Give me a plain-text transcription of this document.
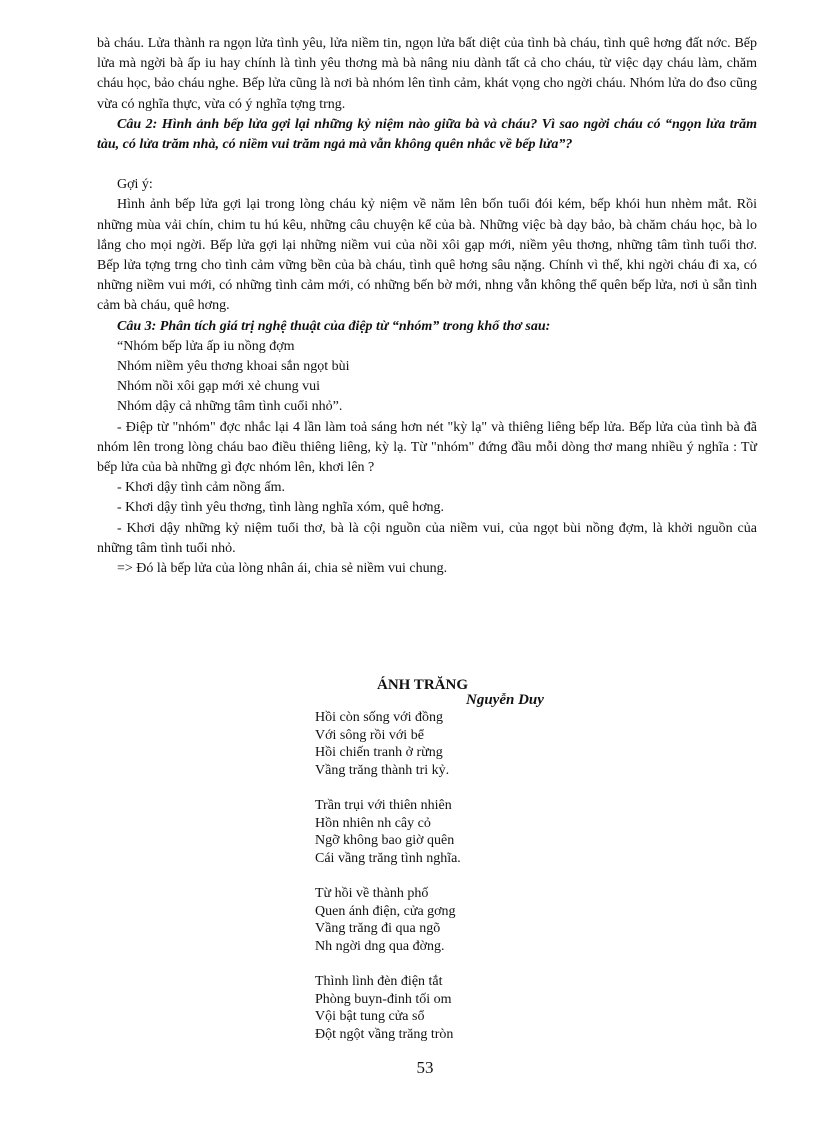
bà cháu. Lửa thành ra ngọn lửa tình yêu, lửa niềm tin, ngọn lửa bất diệt của tình bà cháu, tình quê hơng đất nớc. Bếp lửa mà ngời bà ấp iu hay chính là tình yêu thơng mà bà nâng niu dành tất cả cho cháu, từ việc dạy cháu làm, chăm cháu học, bảo cháu nghe. Bếp lửa cũng là nơi bà nhóm lên tình cảm, khát vọng cho ngời cháu. Nhóm lửa do đso cũng vừa có nghĩa thực, vừa có ý nghĩa tợng trng.

Câu 2: Hình ảnh bếp lửa gợi lại những kỷ niệm nào giữa bà và cháu? Vì sao ngời cháu có “ngọn lửa trăm tàu, có lửa trăm nhà, có niềm vui trăm ngả mà vẫn không quên nhắc về bếp lửa”?

Gợi ý:

Hình ảnh bếp lửa gợi lại trong lòng cháu kỷ niệm về năm lên bốn tuổi đói kém, bếp khói hun nhèm mắt. Rồi những mùa vải chín, chim tu hú kêu, những câu chuyện kể của bà. Những việc bà dạy bảo, bà chăm cháu học, bà lo lắng cho mọi ngời. Bếp lửa gợi lại những niềm vui của nồi xôi gạp mới, niềm yêu thơng, những tâm tình tuổi thơ. Bếp lửa tợng trng cho tình cảm vững bền của bà cháu, tình quê hơng sâu nặng. Chính vì thế, khi ngời cháu đi xa, có những niềm vui mới, có những tình cảm mới, có những bến bờ mới, nhng vẫn không thể quên bếp lửa, nơi ủ sẵn tình cảm bà cháu, quê hơng.

Câu 3: Phân tích giá trị nghệ thuật của điệp từ “nhóm” trong khổ thơ sau:

“Nhóm bếp lửa ấp iu nồng đợm

Nhóm niềm yêu thơng khoai sắn ngọt bùi

Nhóm nồi xôi gạp mới xẻ chung vui

Nhóm dậy cả những tâm tình cuổi nhỏ”.

- Điệp từ "nhóm" đợc nhắc lại 4 lần làm toả sáng hơn nét "kỳ lạ" và thiêng liêng bếp lửa. Bếp lửa của tình bà đã nhóm lên trong lòng cháu bao điều thiêng liêng, kỳ lạ. Từ "nhóm" đứng đầu mỗi dòng thơ mang nhiều ý nghĩa : Từ bếp lửa của bà những gì đợc nhóm lên, khơi lên ?

- Khơi dậy tình cảm nồng ấm.

- Khơi dậy tình yêu thơng, tình làng nghĩa xóm, quê hơng.

- Khơi dậy những kỷ niệm tuổi thơ, bà là cội nguồn của niềm vui, của ngọt bùi nồng đợm, là khởi nguồn của những tâm tình tuổi nhỏ.

=> Đó là bếp lửa của lòng nhân ái, chia sẻ niềm vui chung.

ÁNH TRĂNG

Nguyễn Duy

Hồi còn sống với đồng

Với sông rồi với bể

Hồi chiến tranh ở rừng

Vầng trăng thành tri kỷ.

Trần trụi với thiên nhiên

Hồn nhiên nh cây cỏ

Ngỡ không bao giờ quên

Cái vầng trăng tình nghĩa.

Từ hồi về thành phố

Quen ánh điện, cửa gơng

Vầng trăng đi qua ngõ

Nh ngời dng qua đờng.

Thình lình đèn điện tắt

Phòng buyn-đinh tối om

Vội bật tung cửa sổ

Đột ngột vầng trăng tròn

53
